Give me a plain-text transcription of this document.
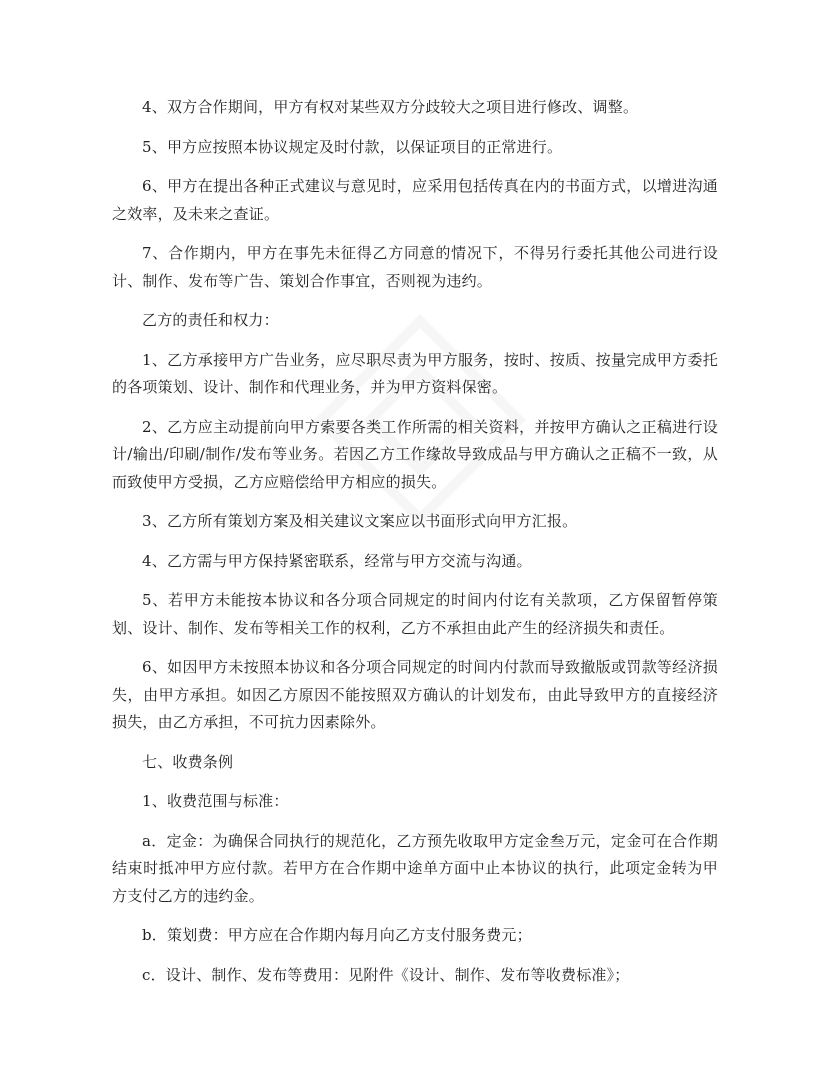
4、双方合作期间，甲方有权对某些双方分歧较大之项目进行修改、调整。

5、甲方应按照本协议规定及时付款，以保证项目的正常进行。

6、甲方在提出各种正式建议与意见时，应采用包括传真在内的书面方式，以增进沟通之效率，及未来之查证。

7、合作期内，甲方在事先未征得乙方同意的情况下，不得另行委托其他公司进行设计、制作、发布等广告、策划合作事宜，否则视为违约。

乙方的责任和权力：

1、乙方承接甲方广告业务，应尽职尽责为甲方服务，按时、按质、按量完成甲方委托的各项策划、设计、制作和代理业务，并为甲方资料保密。

2、乙方应主动提前向甲方索要各类工作所需的相关资料，并按甲方确认之正稿进行设计/输出/印刷/制作/发布等业务。若因乙方工作缘故导致成品与甲方确认之正稿不一致，从而致使甲方受损，乙方应赔偿给甲方相应的损失。

3、乙方所有策划方案及相关建议文案应以书面形式向甲方汇报。

4、乙方需与甲方保持紧密联系，经常与甲方交流与沟通。

5、若甲方未能按本协议和各分项合同规定的时间内付讫有关款项，乙方保留暂停策划、设计、制作、发布等相关工作的权利，乙方不承担由此产生的经济损失和责任。

6、如因甲方未按照本协议和各分项合同规定的时间内付款而导致撤版或罚款等经济损失，由甲方承担。如因乙方原因不能按照双方确认的计划发布，由此导致甲方的直接经济损失，由乙方承担，不可抗力因素除外。

七、收费条例

1、收费范围与标准：

a．定金：为确保合同执行的规范化，乙方预先收取甲方定金叁万元，定金可在合作期结束时抵冲甲方应付款。若甲方在合作期中途单方面中止本协议的执行，此项定金转为甲方支付乙方的违约金。

b．策划费：甲方应在合作期内每月向乙方支付服务费元；

c．设计、制作、发布等费用：见附件《设计、制作、发布等收费标准》；
